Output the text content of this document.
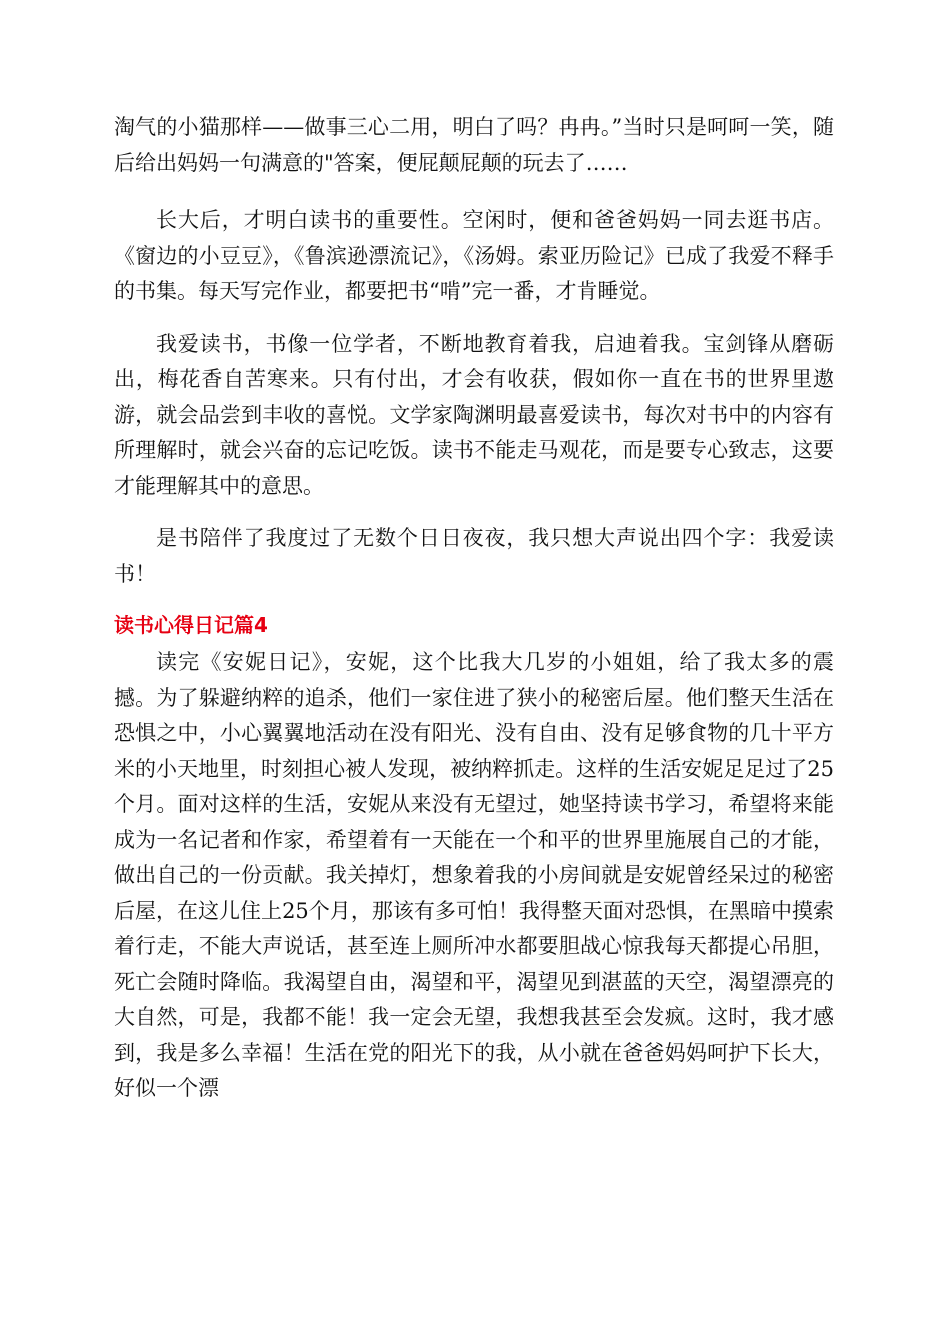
淘气的小猫那样——做事三心二用，明白了吗？冉冉。”当时只是呵呵一笑，随后给出妈妈一句满意的"答案，便屁颠屁颠的玩去了……

长大后，才明白读书的重要性。空闲时，便和爸爸妈妈一同去逛书店。《窗边的小豆豆》，《鲁滨逊漂流记》，《汤姆。索亚历险记》已成了我爱不释手的书集。每天写完作业，都要把书“啃”完一番，才肯睡觉。

我爱读书，书像一位学者，不断地教育着我，启迪着我。宝剑锋从磨砺出，梅花香自苦寒来。只有付出，才会有收获，假如你一直在书的世界里遨游，就会品尝到丰收的喜悦。文学家陶渊明最喜爱读书，每次对书中的内容有所理解时，就会兴奋的忘记吃饭。读书不能走马观花，而是要专心致志，这要才能理解其中的意思。

是书陪伴了我度过了无数个日日夜夜，我只想大声说出四个字：我爱读书！

读书心得日记篇4

读完《安妮日记》，安妮，这个比我大几岁的小姐姐，给了我太多的震撼。为了躲避纳粹的追杀，他们一家住进了狭小的秘密后屋。他们整天生活在恐惧之中，小心翼翼地活动在没有阳光、没有自由、没有足够食物的几十平方米的小天地里，时刻担心被人发现，被纳粹抓走。这样的生活安妮足足过了25个月。面对这样的生活，安妮从来没有无望过，她坚持读书学习，希望将来能成为一名记者和作家，希望着有一天能在一个和平的世界里施展自己的才能，做出自己的一份贡献。我关掉灯，想象着我的小房间就是安妮曾经呆过的秘密后屋，在这儿住上25个月，那该有多可怕！我得整天面对恐惧，在黑暗中摸索着行走，不能大声说话，甚至连上厕所冲水都要胆战心惊我每天都提心吊胆，死亡会随时降临。我渴望自由，渴望和平，渴望见到湛蓝的天空，渴望漂亮的大自然，可是，我都不能！我一定会无望，我想我甚至会发疯。这时，我才感到，我是多么幸福！生活在党的阳光下的我，从小就在爸爸妈妈呵护下长大，好似一个漂
